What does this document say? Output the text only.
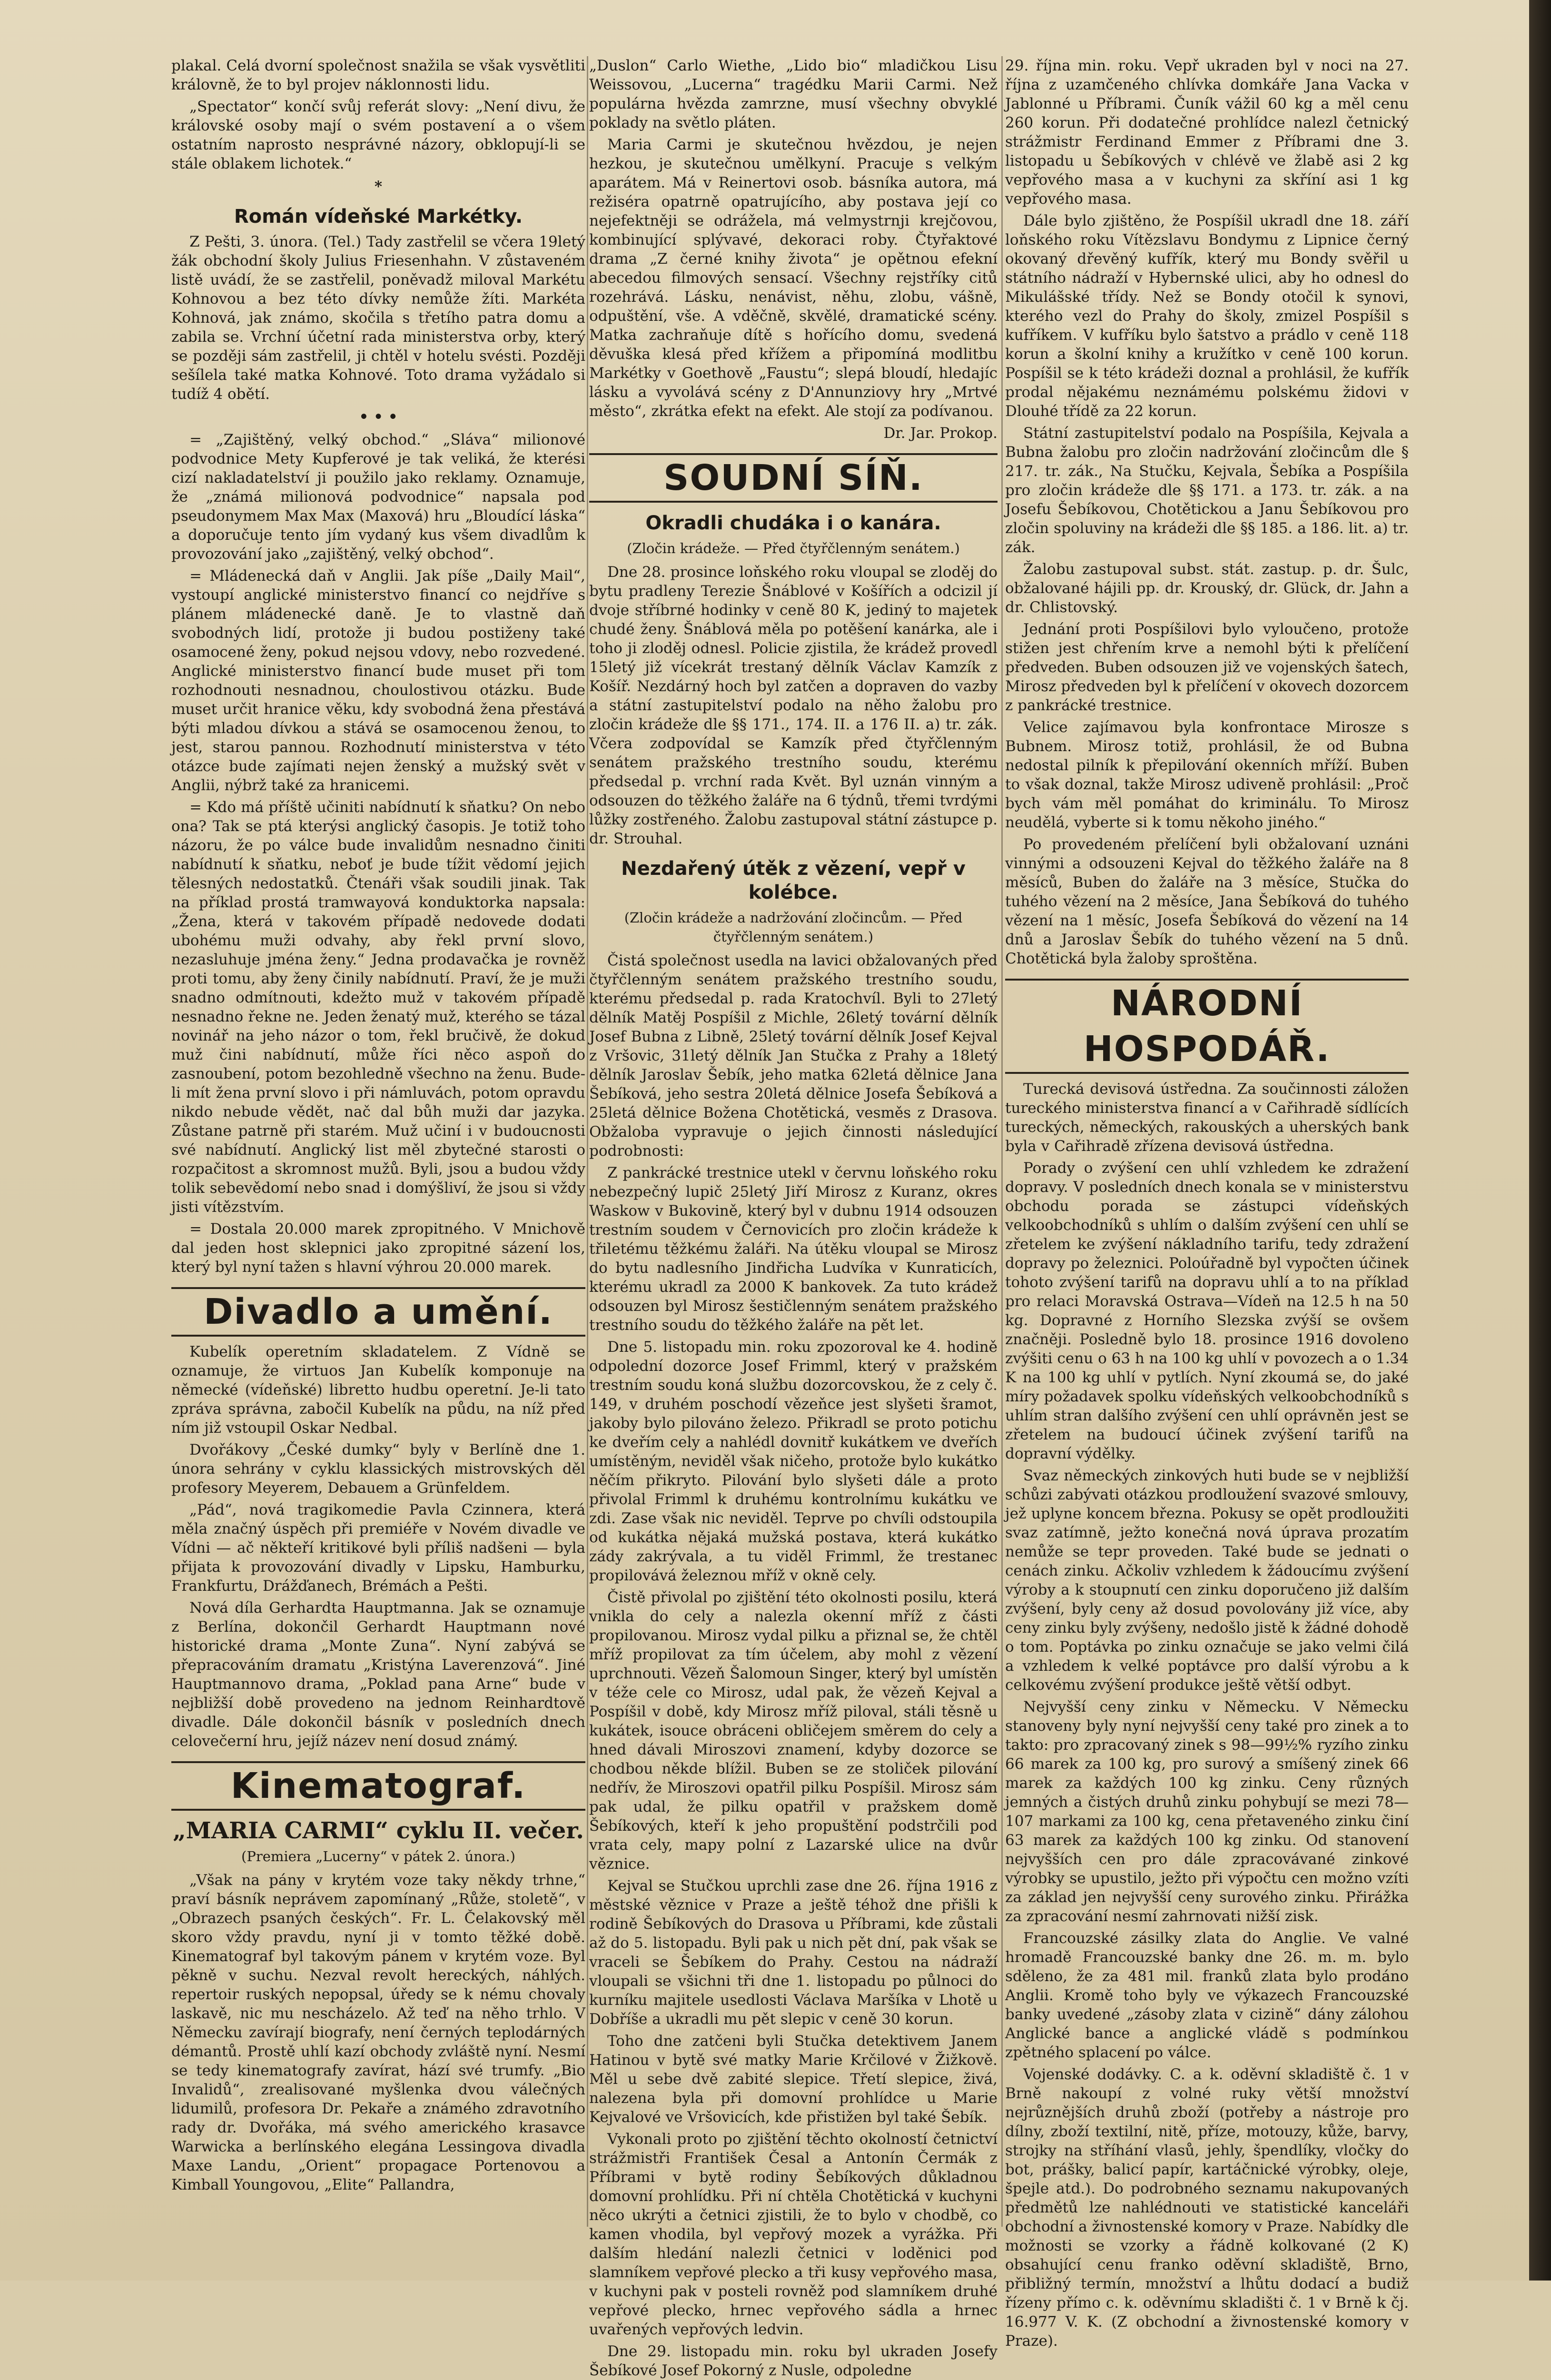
plakal. Celá dvorní společnost snažila se však vysvětliti královně, že to byl projev náklonnosti lidu.

„Spectator“ končí svůj referát slovy: „Není divu, že královské osoby mají o svém postavení a o všem ostatním naprosto nesprávné názory, obklopují-li se stále oblakem lichotek.“

*
Román vídeňské Markétky.

Z Pešti, 3. února. (Tel.) Tady zastřelil se včera 19letý žák obchodní školy Julius Friesenhahn. V zůstaveném listě uvádí, že se zastřelil, poněvadž miloval Markétu Kohnovou a bez této dívky nemůže žíti. Markéta Kohnová, jak známo, skočila s třetího patra domu a zabila se. Vrchní účetní rada ministerstva orby, který se později sám zastřelil, ji chtěl v hotelu svésti. Později sešílela také matka Kohnové. Toto drama vyžádalo si tudíž 4 obětí.

• • •

= „Zajištěný, velký obchod.“ „Sláva“ milionové podvodnice Mety Kupferové je tak veliká, že kterési cizí nakladatelství ji použilo jako reklamy. Oznamuje, že „známá milionová podvodnice“ napsala pod pseudonymem Max Max (Maxová) hru „Bloudící láska“ a doporučuje tento jím vydaný kus všem divadlům k provozování jako „zajištěný, velký obchod“.

= Mládenecká daň v Anglii. Jak píše „Daily Mail“, vystoupí anglické ministerstvo financí co nejdříve s plánem mládenecké daně. Je to vlastně daň svobodných lidí, protože ji budou postiženy také osamocené ženy, pokud nejsou vdovy, nebo rozvedené. Anglické ministerstvo financí bude muset při tom rozhodnouti nesnadnou, choulostivou otázku. Bude muset určit hranice věku, kdy svobodná žena přestává býti mladou dívkou a stává se osamocenou ženou, to jest, starou pannou. Rozhodnutí ministerstva v této otázce bude zajímati nejen ženský a mužský svět v Anglii, nýbrž také za hranicemi.

= Kdo má příště učiniti nabídnutí k sňatku? On nebo ona? Tak se ptá kterýsi anglický časopis. Je totiž toho názoru, že po válce bude invalidům nesnadno činiti nabídnutí k sňatku, neboť je bude tížit vědomí jejich tělesných nedostatků. Čtenáři však soudili jinak. Tak na příklad prostá tramwayová konduktorka napsala: „Žena, která v takovém případě nedovede dodati ubohému muži odvahy, aby řekl první slovo, nezasluhuje jména ženy.“ Jedna prodavačka je rovněž proti tomu, aby ženy činily nabídnutí. Praví, že je muži snadno odmítnouti, kdežto muž v takovém případě nesnadno řekne ne. Jeden ženatý muž, kterého se tázal novinář na jeho názor o tom, řekl bručivě, že dokud muž čini nabídnutí, může říci něco aspoň do zasnoubení, potom bezohledně všechno na ženu. Bude-li mít žena první slovo i při námluvách, potom opravdu nikdo nebude vědět, nač dal bůh muži dar jazyka. Zůstane patrně při starém. Muž učiní i v budoucnosti své nabídnutí. Anglický list měl zbytečné starosti o rozpačitost a skromnost mužů. Byli, jsou a budou vždy tolik sebevědomí nebo snad i domýšliví, že jsou si vždy jisti vítězstvím.

= Dostala 20.000 marek zpropitného. V Mnichově dal jeden host sklepnici jako zpropitné sázení los, který byl nyní tažen s hlavní výhrou 20.000 marek.

Divadlo a umění.

Kubelík operetním skladatelem. Z Vídně se oznamuje, že virtuos Jan Kubelík komponuje na německé (vídeňské) libretto hudbu operetní. Je-li tato zpráva správna, zabočil Kubelík na půdu, na níž před ním již vstoupil Oskar Nedbal.

Dvořákovy „České dumky“ byly v Berlíně dne 1. února sehrány v cyklu klassických mistrovských děl profesory Meyerem, Debauem a Grünfeldem.

„Pád“, nová tragikomedie Pavla Czinnera, která měla značný úspěch při premiéře v Novém divadle ve Vídni — ač někteří kritikové byli příliš nadšeni — byla přijata k provozování divadly v Lipsku, Hamburku, Frankfurtu, Drážďanech, Brémách a Pešti.

Nová díla Gerhardta Hauptmanna. Jak se oznamuje z Berlína, dokončil Gerhardt Hauptmann nové historické drama „Monte Zuna“. Nyní zabývá se přepracováním dramatu „Kristýna Laverenzová“. Jiné Hauptmannovo drama, „Poklad pana Arne“ bude v nejbližší době provedeno na jednom Reinhardtově divadle. Dále dokončil básník v posledních dnech celovečerní hru, jejíž název není dosud známý.

Kinematograf.
„MARIA CARMI“ cyklu II. večer.
(Premiera „Lucerny“ v pátek 2. února.)

„Však na pány v krytém voze taky někdy trhne,“ praví básník neprávem zapomínaný „Růže, stoletě“, v „Obrazech psaných českých“. Fr. L. Čelakovský měl skoro vždy pravdu, nyní ji v tomto těžké době. Kinematograf byl takovým pánem v krytém voze. Byl pěkně v suchu. Nezval revolt hereckých, náhlých. repertoir ruských nepopsal, úředy se k nému chovaly laskavě, nic mu nescházelo. Až teď na něho trhlo. V Německu zavírají biografy, není černých teplodárných démantů. Prostě uhlí kazí obchody zvláště nyní. Nesmí se tedy kinematografy zavírat, hází své trumfy. „Bio Invalidů“, zrealisované myšlenka dvou válečných lidumilů, profesora Dr. Pekaře a známého zdravotního rady dr. Dvořáka, má svého amerického krasavce Warwicka a berlínského elegána Lessingova divadla Maxe Landu, „Orient“ propagace Portenovou a Kimball Youngovou, „Elite“ Pallandra,

„Duslon“ Carlo Wiethe, „Lido bio“ mladičkou Lisu Weissovou, „Lucerna“ tragédku Marii Carmi. Než populárna hvězda zamrzne, musí všechny obvyklé poklady na světlo pláten.

Maria Carmi je skutečnou hvězdou, je nejen hezkou, je skutečnou umělkyní. Pracuje s velkým aparátem. Má v Reinertovi osob. básníka autora, má režiséra opatrně opatrujícího, aby postava její co nejefektněji se odrážela, má velmystrnji krejčovou, kombinující splývavé, dekoraci roby. Čtyřaktové drama „Z černé knihy života“ je opětnou efekní abecedou filmových sensací. Všechny rejstříky citů rozehrává. Lásku, nenávist, něhu, zlobu, vášně, odpuštění, vše. A vděčně, skvělé, dramatické scény. Matka zachraňuje dítě s hořícího domu, svedená děvuška klesá před křížem a připomíná modlitbu Markétky v Goethově „Faustu“; slepá bloudí, hledajíc lásku a vyvolává scény z D'Annunziovy hry „Mrtvé město“, zkrátka efekt na efekt. Ale stojí za podívanou.

Dr. Jar. Prokop.
SOUDNÍ SÍŇ.
Okradli chudáka i o kanára.
(Zločin krádeže. — Před čtyřčlenným senátem.)

Dne 28. prosince loňského roku vloupal se zloděj do bytu pradleny Terezie Šnáblové v Košířích a odcizil jí dvoje stříbrné hodinky v ceně 80 K, jediný to majetek chudé ženy. Šnáblová měla po potěšení kanárka, ale i toho ji zloděj odnesl. Policie zjistila, že krádež provedl 15letý již vícekrát trestaný dělník Václav Kamzík z Košíř. Nezdárný hoch byl zatčen a dopraven do vazby a státní zastupitelství podalo na něho žalobu pro zločin krádeže dle §§ 171., 174. II. a 176 II. a) tr. zák. Včera zodpovídal se Kamzík před čtyřčlenným senátem pražského trestního soudu, kterému předsedal p. vrchní rada Květ. Byl uznán vinným a odsouzen do těžkého žaláře na 6 týdnů, třemi tvrdými lůžky zostřeného. Žalobu zastupoval státní zástupce p. dr. Strouhal.

Nezdařený útěk z vězení, vepř v kolébce.
(Zločin krádeže a nadržování zločincům. — Před čtyřčlenným senátem.)

Čistá společnost usedla na lavici obžalovaných před čtyřčlenným senátem pražského trestního soudu, kterému předsedal p. rada Kratochvíl. Byli to 27letý dělník Matěj Pospíšil z Michle, 26letý tovární dělník Josef Bubna z Libně, 25letý tovární dělník Josef Kejval z Vršovic, 31letý dělník Jan Stučka z Prahy a 18letý dělník Jaroslav Šebík, jeho matka 62letá dělnice Jana Šebíková, jeho sestra 20letá dělnice Josefa Šebíková a 25letá dělnice Božena Chotětická, vesměs z Drasova. Obžaloba vypravuje o jejich činnosti následující podrobnosti:

Z pankrácké trestnice utekl v červnu loňského roku nebezpečný lupič 25letý Jiří Mirosz z Kuranz, okres Waskow v Bukovině, který byl v dubnu 1914 odsouzen trestním soudem v Černovicích pro zločin krádeže k třiletému těžkému žaláři. Na útěku vloupal se Mirosz do bytu nadlesního Jindřicha Ludvíka v Kunraticích, kterému ukradl za 2000 K bankovek. Za tuto krádež odsouzen byl Mirosz šestičlenným senátem pražského trestního soudu do těžkého žaláře na pět let.

Dne 5. listopadu min. roku zpozoroval ke 4. hodině odpolední dozorce Josef Frimml, který v pražském trestním soudu koná službu dozorcovskou, že z cely č. 149, v druhém poschodí vězeňce jest slyšeti šramot, jakoby bylo pilováno železo. Přikradl se proto potichu ke dveřím cely a nahlédl dovnitř kukátkem ve dveřích umístěným, neviděl však ničeho, protože bylo kukátko něčím přikryto. Pilování bylo slyšeti dále a proto přivolal Frimml k druhému kontrolnímu kukátku ve zdi. Zase však nic neviděl. Teprve po chvíli odstoupila od kukátka nějaká mužská postava, která kukátko zády zakrývala, a tu viděl Frimml, že trestanec propilovává železnou mříž v okně cely.

Čistě přivolal po zjištění této okolnosti posilu, která vnikla do cely a nalezla okenní mříž z části propilovanou. Mirosz vydal pilku a přiznal se, že chtěl mříž propilovat za tím účelem, aby mohl z vězení uprchnouti. Vězeň Šalomoun Singer, který byl umístěn v téže cele co Mirosz, udal pak, že vězeň Kejval a Pospíšil v době, kdy Mirosz mříž piloval, stáli těsně u kukátek, isouce obráceni obličejem směrem do cely a hned dávali Miroszovi znamení, kdyby dozorce se chodbou někde blížil. Buben se ze stoliček pilování nedřív, že Miroszovi opatřil pilku Pospíšil. Mirosz sám pak udal, že pilku opatřil v pražskem domě Šebíkových, kteří k jeho propuštění podstrčili pod vrata cely, mapy polní z Lazarské ulice na dvůr věznice.

Kejval se Stučkou uprchli zase dne 26. října 1916 z městské věznice v Praze a ještě téhož dne přišli k rodině Šebíkových do Drasova u Příbrami, kde zůstali až do 5. listopadu. Byli pak u nich pět dní, pak však se vraceli se Šebíkem do Prahy. Cestou na nádraží vloupali se všichni tři dne 1. listopadu po půlnoci do kurníku majitele usedlosti Václava Maršíka v Lhotě u Dobříše a ukradli mu pět slepic v ceně 30 korun.

Toho dne zatčeni byli Stučka detektivem Janem Hatinou v bytě své matky Marie Krčilové v Žižkově. Měl u sebe dvě zabité slepice. Třetí slepice, živá, nalezena byla při domovní prohlídce u Marie Kejvalové ve Vršovicích, kde přistižen byl také Šebík.

Vykonali proto po zjištění těchto okolností četnictví strážmistři František Česal a Antonín Čermák z Příbrami v bytě rodiny Šebíkových důkladnou domovní prohlídku. Při ní chtěla Chotětická v kuchyni něco ukrýti a četnici zjistili, že to bylo v chodbě, co kamen vhodila, byl vepřový mozek a vyrážka. Při dalším hledání nalezli četnici v loděnici pod slamníkem vepřové plecko a tři kusy vepřového masa, v kuchyni pak v posteli rovněž pod slamníkem druhé vepřové plecko, hrnec vepřového sádla a hrnec uvařených vepřových ledvin.

Dne 29. listopadu min. roku byl ukraden Josefy Šebíkové Josef Pokorný z Nusle, odpoledne

29. října min. roku. Vepř ukraden byl v noci na 27. října z uzamčeného chlívka domkáře Jana Vacka v Jablonné u Příbrami. Čuník vážil 60 kg a měl cenu 260 korun. Při dodatečné prohlídce nalezl četnický strážmistr Ferdinand Emmer z Příbrami dne 3. listopadu u Šebíkových v chlévě ve žlabě asi 2 kg vepřového masa a v kuchyni za skříní asi 1 kg vepřového masa.

Dále bylo zjištěno, že Pospíšil ukradl dne 18. září loňského roku Vítězslavu Bondymu z Lipnice černý okovaný dřevěný kufřík, který mu Bondy svěřil u státního nádraží v Hybernské ulici, aby ho odnesl do Mikulášské třídy. Než se Bondy otočil k synovi, kterého vezl do Prahy do školy, zmizel Pospíšil s kufříkem. V kufříku bylo šatstvo a prádlo v ceně 118 korun a školní knihy a kružítko v ceně 100 korun. Pospíšil se k této krádeži doznal a prohlásil, že kufřík prodal nějakému neznámému polskému židovi v Dlouhé třídě za 22 korun.

Státní zastupitelství podalo na Pospíšila, Kejvala a Bubna žalobu pro zločin nadržování zločincům dle § 217. tr. zák., Na Stučku, Kejvala, Šebíka a Pospíšila pro zločin krádeže dle §§ 171. a 173. tr. zák. a na Josefu Šebíkovou, Chotětickou a Janu Šebíkovou pro zločin spoluviny na krádeži dle §§ 185. a 186. lit. a) tr. zák.

Žalobu zastupoval subst. stát. zastup. p. dr. Šulc, obžalované hájili pp. dr. Krouský, dr. Glück, dr. Jahn a dr. Chlistovský.

Jednání proti Pospíšilovi bylo vyloučeno, protože stižen jest chřením krve a nemohl býti k přelíčení předveden. Buben odsouzen již ve vojenských šatech, Mirosz předveden byl k přelíčení v okovech dozorcem z pankrácké trestnice.

Velice zajímavou byla konfrontace Mirosze s Bubnem. Mirosz totiž, prohlásil, že od Bubna nedostal pilník k přepilování okenních mříží. Buben to však doznal, takže Mirosz udiveně prohlásil: „Proč bych vám měl pomáhat do kriminálu. To Mirosz neudělá, vyberte si k tomu někoho jiného.“

Po provedeném přelíčení byli obžalovaní uznáni vinnými a odsouzeni Kejval do těžkého žaláře na 8 měsíců, Buben do žaláře na 3 měsíce, Stučka do tuhého vězení na 2 měsíce, Jana Šebíková do tuhého vězení na 1 měsíc, Josefa Šebíková do vězení na 14 dnů a Jaroslav Šebík do tuhého vězení na 5 dnů. Chotětická byla žaloby sproštěna.

NÁRODNÍ HOSPODÁŘ.

Turecká devisová ústředna. Za součinnosti záložen tureckého ministerstva financí a v Cařihradě sídlících tureckých, německých, rakouských a uherských bank byla v Cařihradě zřízena devisová ústředna.

Porady o zvýšení cen uhlí vzhledem ke zdražení dopravy. V posledních dnech konala se v ministerstvu obchodu porada se zástupci vídeňských velkoobchodníků s uhlím o dalším zvýšení cen uhlí se zřetelem ke zvýšení nákladního tarifu, tedy zdražení dopravy po železnici. Poloúřadně byl vypočten účinek tohoto zvýšení tarifů na dopravu uhlí a to na příklad pro relaci Moravská Ostrava—Vídeň na 12.5 h na 50 kg. Dopravné z Horního Slezska zvýší se ovšem značněji. Posledně bylo 18. prosince 1916 dovoleno zvýšiti cenu o 63 h na 100 kg uhlí v povozech a o 1.34 K na 100 kg uhlí v pytlích. Nyní zkoumá se, do jaké míry požadavek spolku vídeňských velkoobchodníků s uhlím stran dalšího zvýšení cen uhlí oprávněn jest se zřetelem na budoucí účinek zvýšení tarifů na dopravní výdělky.

Svaz německých zinkových huti bude se v nejbližší schůzi zabývati otázkou prodloužení svazové smlouvy, jež uplyne koncem března. Pokusy se opět prodloužiti svaz zatímně, ježto konečná nová úprava prozatím nemůže se tepr proveden. Také bude se jednati o cenách zinku. Ačkoliv vzhledem k žádoucímu zvýšení výroby a k stoupnutí cen zinku doporučeno již dalším zvýšení, byly ceny až dosud povolovány již více, aby ceny zinku byly zvýšeny, nedošlo jistě k žádné dohodě o tom. Poptávka po zinku označuje se jako velmi čilá a vzhledem k velké poptávce pro další výrobu a k celkovému zvýšení produkce ještě větší odbyt.

Nejvyšší ceny zinku v Německu. V Německu stanoveny byly nyní nejvyšší ceny také pro zinek a to takto: pro zpracovaný zinek s 98—99½% ryzího zinku 66 marek za 100 kg, pro surový a smíšený zinek 66 marek za každých 100 kg zinku. Ceny různých jemných a čistých druhů zinku pohybují se mezi 78—107 markami za 100 kg, cena přetaveného zinku činí 63 marek za každých 100 kg zinku. Od stanovení nejvyšších cen pro dále zpracovávané zinkové výrobky se upustilo, ježto při výpočtu cen možno vzíti za základ jen nejvyšší ceny surového zinku. Přirážka za zpracování nesmí zahrnovati nižší zisk.

Francouzské zásilky zlata do Anglie. Ve valné hromadě Francouzské banky dne 26. m. m. bylo sděleno, že za 481 mil. franků zlata bylo prodáno Anglii. Kromě toho byly ve výkazech Francouzské banky uvedené „zásoby zlata v cizině“ dány zálohou Anglické bance a anglické vládě s podmínkou zpětného splacení po válce.

Vojenské dodávky. C. a k. oděvní skladiště č. 1 v Brně nakoupí z volné ruky větší množství nejrůznějších druhů zboží (potřeby a nástroje pro dílny, zboží textilní, nitě, příze, motouzy, kůže, barvy, strojky na stříhání vlasů, jehly, špendlíky, vločky do bot, prášky, balicí papír, kartáčnické výrobky, oleje, špejle atd.). Do podrobného seznamu nakupovaných předmětů lze nahlédnouti ve statistické kanceláři obchodní a živnostenské komory v Praze. Nabídky dle možnosti se vzorky a řádně kolkované (2 K) obsahující cenu franko oděvní skladiště, Brno, přibližný termín, množství a lhůtu dodací a budiž řízeny přímo c. k. oděvnímu skladišti č. 1 v Brně k čj. 16.977 V. K. (Z obchodní a živnostenské komory v Praze).
